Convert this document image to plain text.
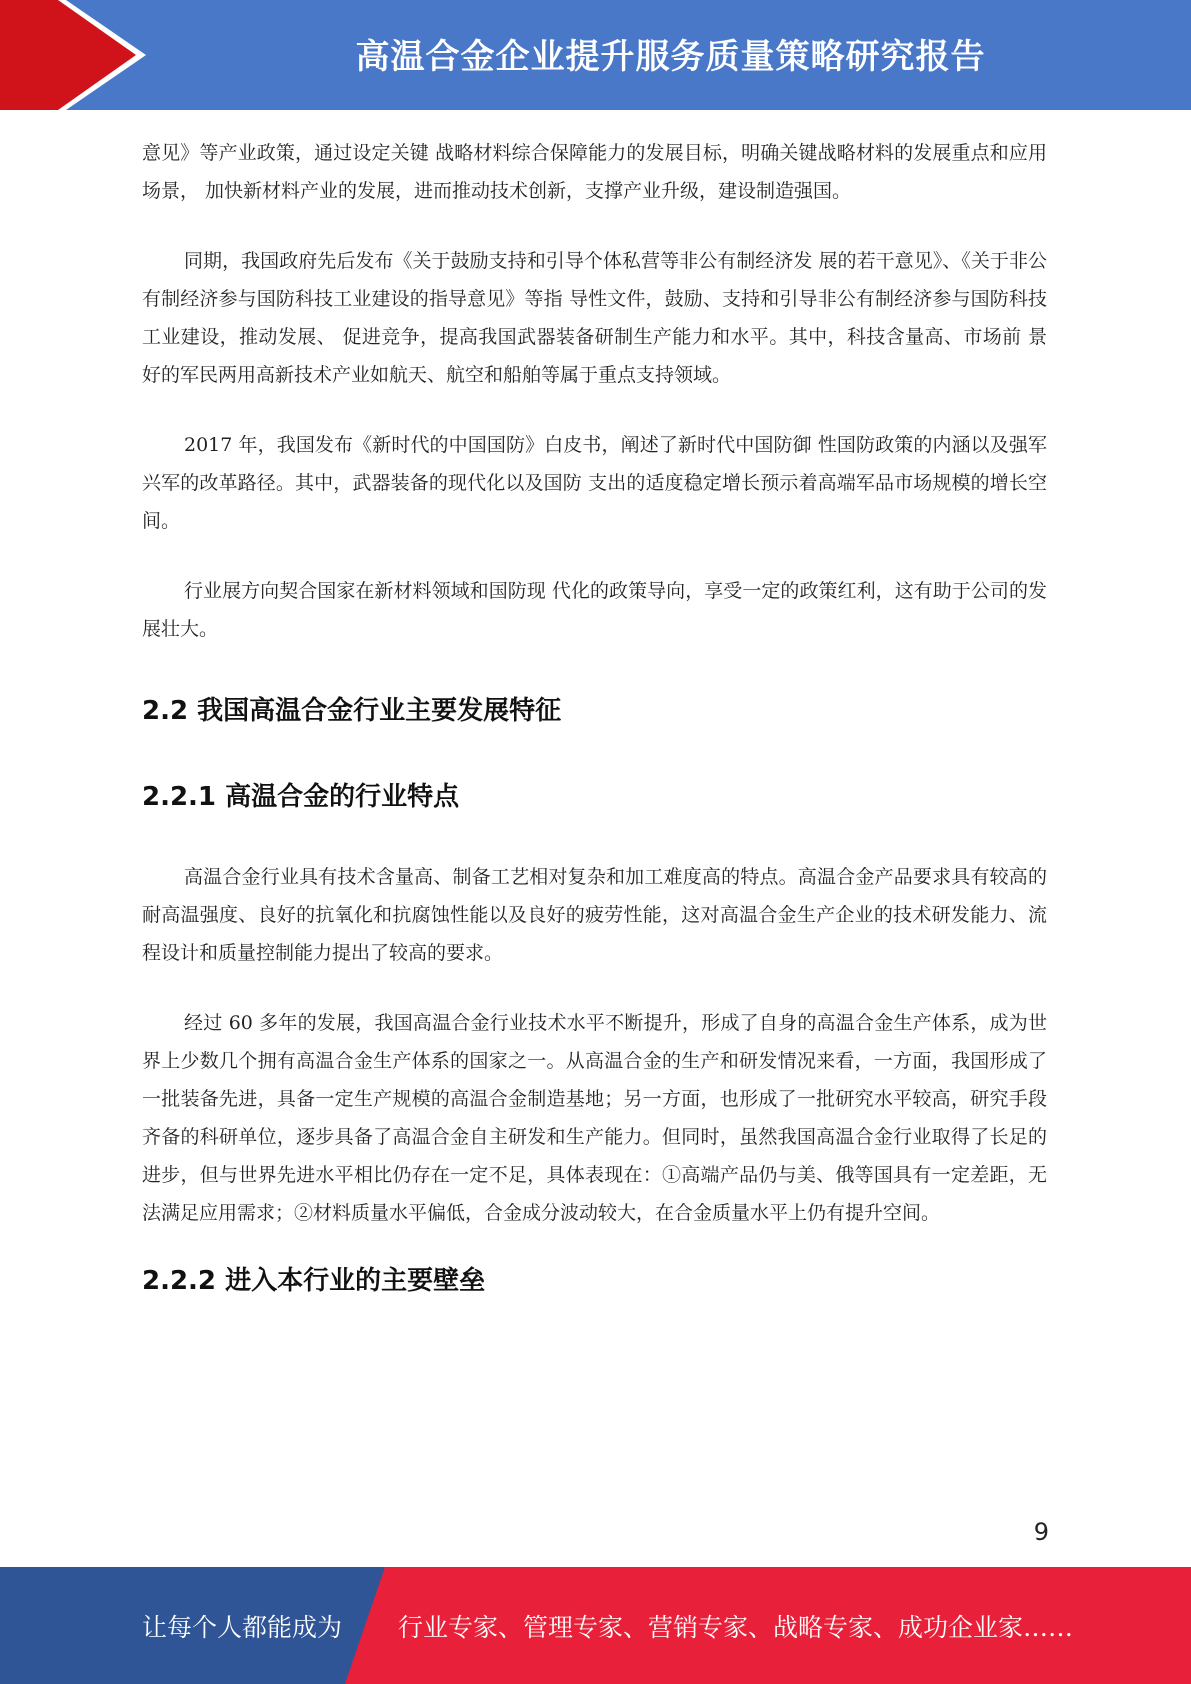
高温合金企业提升服务质量策略研究报告

意见》等产业政策，通过设定关键 战略材料综合保障能力的发展目标，明确关键战略材料的发展重点和应用场景， 加快新材料产业的发展，进而推动技术创新，支撑产业升级，建设制造强国。

同期，我国政府先后发布《关于鼓励支持和引导个体私营等非公有制经济发 展的若干意见》、《关于非公有制经济参与国防科技工业建设的指导意见》等指 导性文件，鼓励、支持和引导非公有制经济参与国防科技工业建设，推动发展、 促进竞争，提高我国武器装备研制生产能力和水平。其中，科技含量高、市场前 景好的军民两用高新技术产业如航天、航空和船舶等属于重点支持领域。

2017 年，我国发布《新时代的中国国防》白皮书，阐述了新时代中国防御 性国防政策的内涵以及强军兴军的改革路径。其中，武器装备的现代化以及国防 支出的适度稳定增长预示着高端军品市场规模的增长空间。

行业展方向契合国家在新材料领域和国防现 代化的政策导向，享受一定的政策红利，这有助于公司的发展壮大。

2.2 我国高温合金行业主要发展特征
2.2.1 高温合金的行业特点

高温合金行业具有技术含量高、制备工艺相对复杂和加工难度高的特点。高温合金产品要求具有较高的耐高温强度、良好的抗氧化和抗腐蚀性能以及良好的疲劳性能，这对高温合金生产企业的技术研发能力、流程设计和质量控制能力提出了较高的要求。

经过 60 多年的发展，我国高温合金行业技术水平不断提升，形成了自身的高温合金生产体系，成为世界上少数几个拥有高温合金生产体系的国家之一。从高温合金的生产和研发情况来看，一方面，我国形成了一批装备先进，具备一定生产规模的高温合金制造基地；另一方面，也形成了一批研究水平较高，研究手段齐备的科研单位，逐步具备了高温合金自主研发和生产能力。但同时，虽然我国高温合金行业取得了长足的进步，但与世界先进水平相比仍存在一定不足，具体表现在：①高端产品仍与美、俄等国具有一定差距，无法满足应用需求；②材料质量水平偏低，合金成分波动较大，在合金质量水平上仍有提升空间。

2.2.2 进入本行业的主要壁垒
9
让每个人都能成为 行业专家、管理专家、营销专家、战略专家、成功企业家……
